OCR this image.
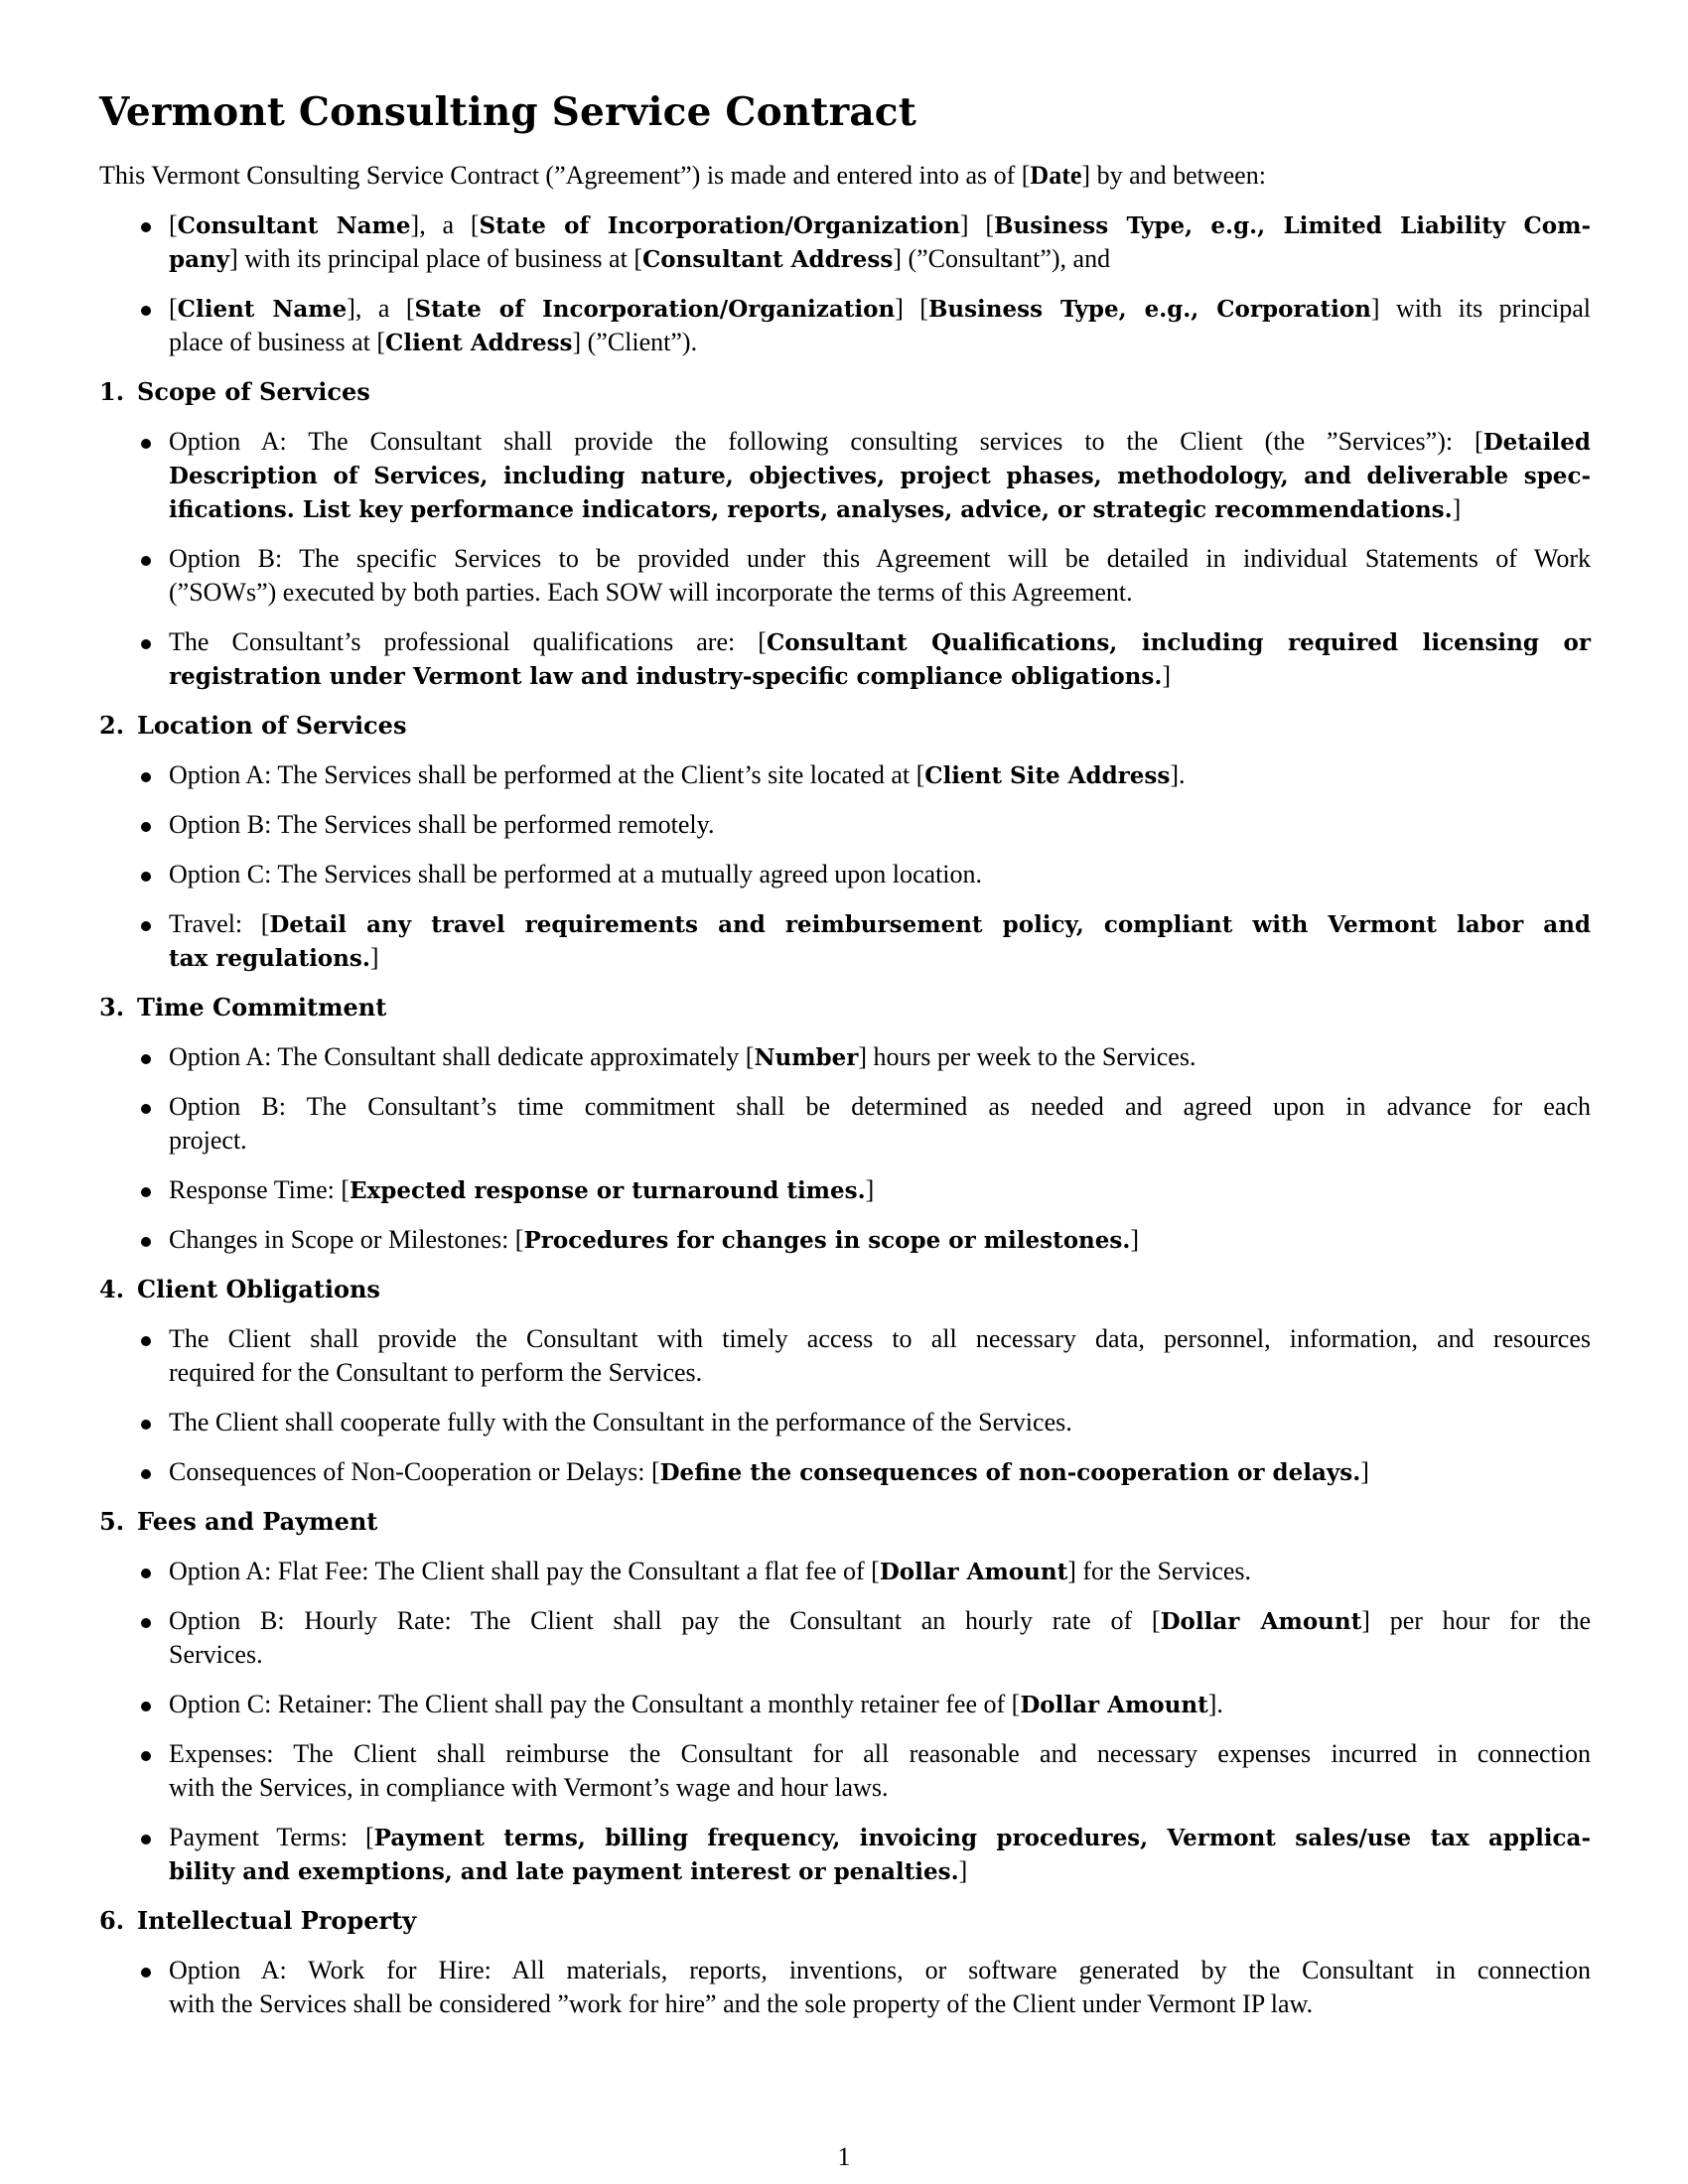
Vermont Consulting Service Contract

This Vermont Consulting Service Contract (”Agreement”) is made and entered into as of [Date] by and between:

[Consultant Name], a [State of Incorporation/Organization] [Business Type, e.g., Limited Liability Com-

pany] with its principal place of business at [Consultant Address] (”Consultant”), and

[Client Name], a [State of Incorporation/Organization] [Business Type, e.g., Corporation] with its principal

place of business at [Client Address] (”Client”).

1. Scope of Services

Option A: The Consultant shall provide the following consulting services to the Client (the ”Services”): [Detailed

Description of Services, including nature, objectives, project phases, methodology, and deliverable spec-

ifications. List key performance indicators, reports, analyses, advice, or strategic recommendations.]

Option B: The specific Services to be provided under this Agreement will be detailed in individual Statements of Work

(”SOWs”) executed by both parties. Each SOW will incorporate the terms of this Agreement.

The Consultant’s professional qualifications are: [Consultant Qualifications, including required licensing or

registration under Vermont law and industry-specific compliance obligations.]

2. Location of Services

Option A: The Services shall be performed at the Client’s site located at [Client Site Address].

Option B: The Services shall be performed remotely.

Option C: The Services shall be performed at a mutually agreed upon location.

Travel: [Detail any travel requirements and reimbursement policy, compliant with Vermont labor and

tax regulations.]

3. Time Commitment

Option A: The Consultant shall dedicate approximately [Number] hours per week to the Services.

Option B: The Consultant’s time commitment shall be determined as needed and agreed upon in advance for each

project.

Response Time: [Expected response or turnaround times.]

Changes in Scope or Milestones: [Procedures for changes in scope or milestones.]

4. Client Obligations

The Client shall provide the Consultant with timely access to all necessary data, personnel, information, and resources

required for the Consultant to perform the Services.

The Client shall cooperate fully with the Consultant in the performance of the Services.

Consequences of Non-Cooperation or Delays: [Define the consequences of non-cooperation or delays.]

5. Fees and Payment

Option A: Flat Fee: The Client shall pay the Consultant a flat fee of [Dollar Amount] for the Services.

Option B: Hourly Rate: The Client shall pay the Consultant an hourly rate of [Dollar Amount] per hour for the

Services.

Option C: Retainer: The Client shall pay the Consultant a monthly retainer fee of [Dollar Amount].

Expenses: The Client shall reimburse the Consultant for all reasonable and necessary expenses incurred in connection

with the Services, in compliance with Vermont’s wage and hour laws.

Payment Terms: [Payment terms, billing frequency, invoicing procedures, Vermont sales/use tax applica-

bility and exemptions, and late payment interest or penalties.]

6. Intellectual Property

Option A: Work for Hire: All materials, reports, inventions, or software generated by the Consultant in connection

with the Services shall be considered ”work for hire” and the sole property of the Client under Vermont IP law.

1
